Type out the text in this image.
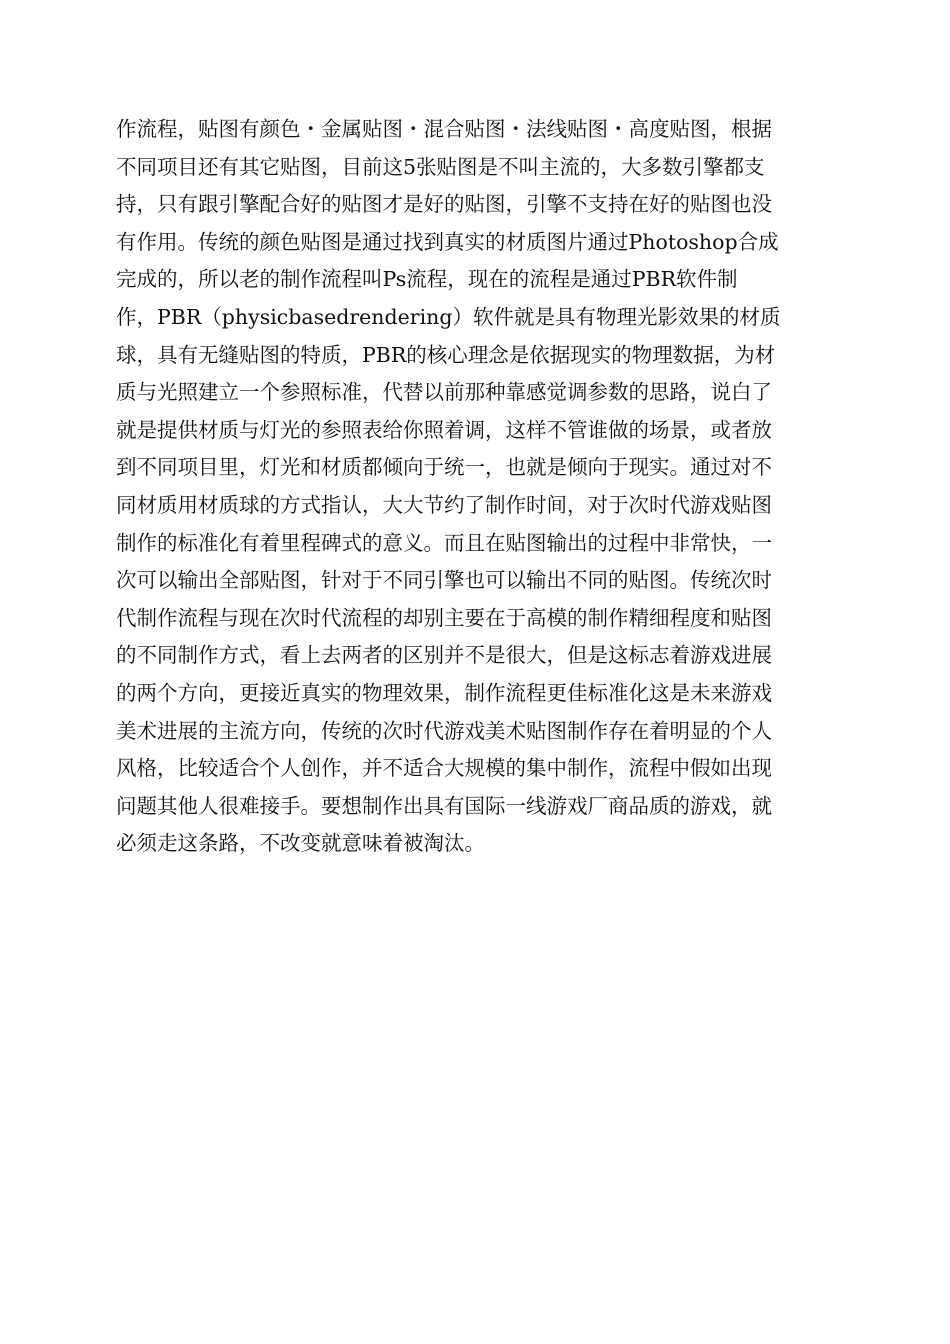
作流程，贴图有颜色・金属贴图・混合贴图・法线贴图・高度贴图，根据
不同项目还有其它贴图，目前这5张贴图是不叫主流的，大多数引擎都支
持，只有跟引擎配合好的贴图才是好的贴图，引擎不支持在好的贴图也没
有作用。传统的颜色贴图是通过找到真实的材质图片通过Photoshop合成
完成的，所以老的制作流程叫Ps流程，现在的流程是通过PBR软件制
作，PBR（physicbasedrendering）软件就是具有物理光影效果的材质
球，具有无缝贴图的特质，PBR的核心理念是依据现实的物理数据，为材
质与光照建立一个参照标准，代替以前那种靠感觉调参数的思路，说白了
就是提供材质与灯光的参照表给你照着调，这样不管谁做的场景，或者放
到不同项目里，灯光和材质都倾向于统一，也就是倾向于现实。通过对不
同材质用材质球的方式指认，大大节约了制作时间，对于次时代游戏贴图
制作的标准化有着里程碑式的意义。而且在贴图输出的过程中非常快，一
次可以输出全部贴图，针对于不同引擎也可以输出不同的贴图。传统次时
代制作流程与现在次时代流程的却别主要在于高模的制作精细程度和贴图
的不同制作方式，看上去两者的区别并不是很大，但是这标志着游戏进展
的两个方向，更接近真实的物理效果，制作流程更佳标准化这是未来游戏
美术进展的主流方向，传统的次时代游戏美术贴图制作存在着明显的个人
风格，比较适合个人创作，并不适合大规模的集中制作，流程中假如出现
问题其他人很难接手。要想制作出具有国际一线游戏厂商品质的游戏，就
必须走这条路，不改变就意味着被淘汰。
